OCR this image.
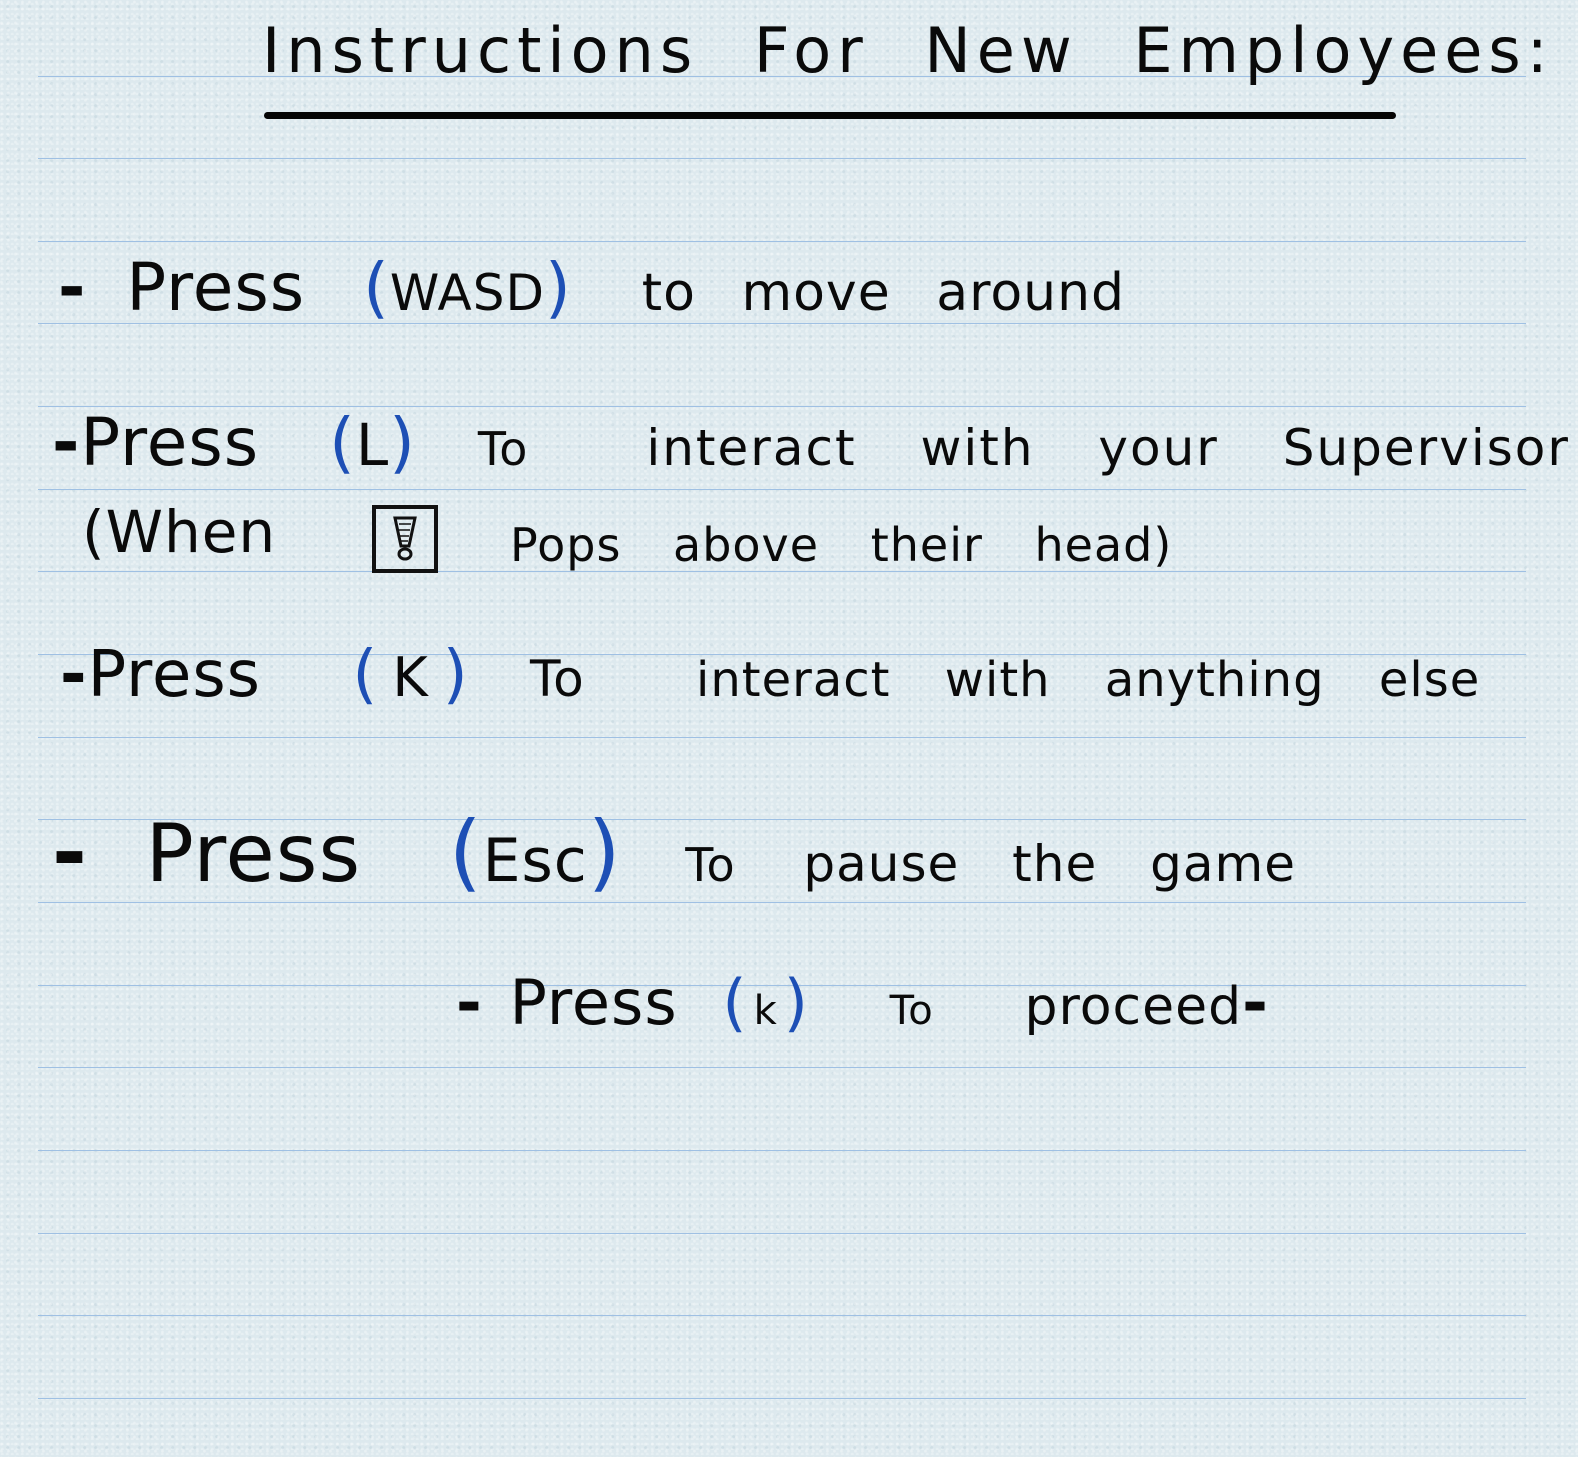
Instructions For New Employees:
- Press (WASD) to move around
-Press (L) To interact with your Supervisor
(When	Pops above their head)
-Press ( K ) To interact with anything else
- Press (Esc) To pause the game
- Press ( k) To proceed-
